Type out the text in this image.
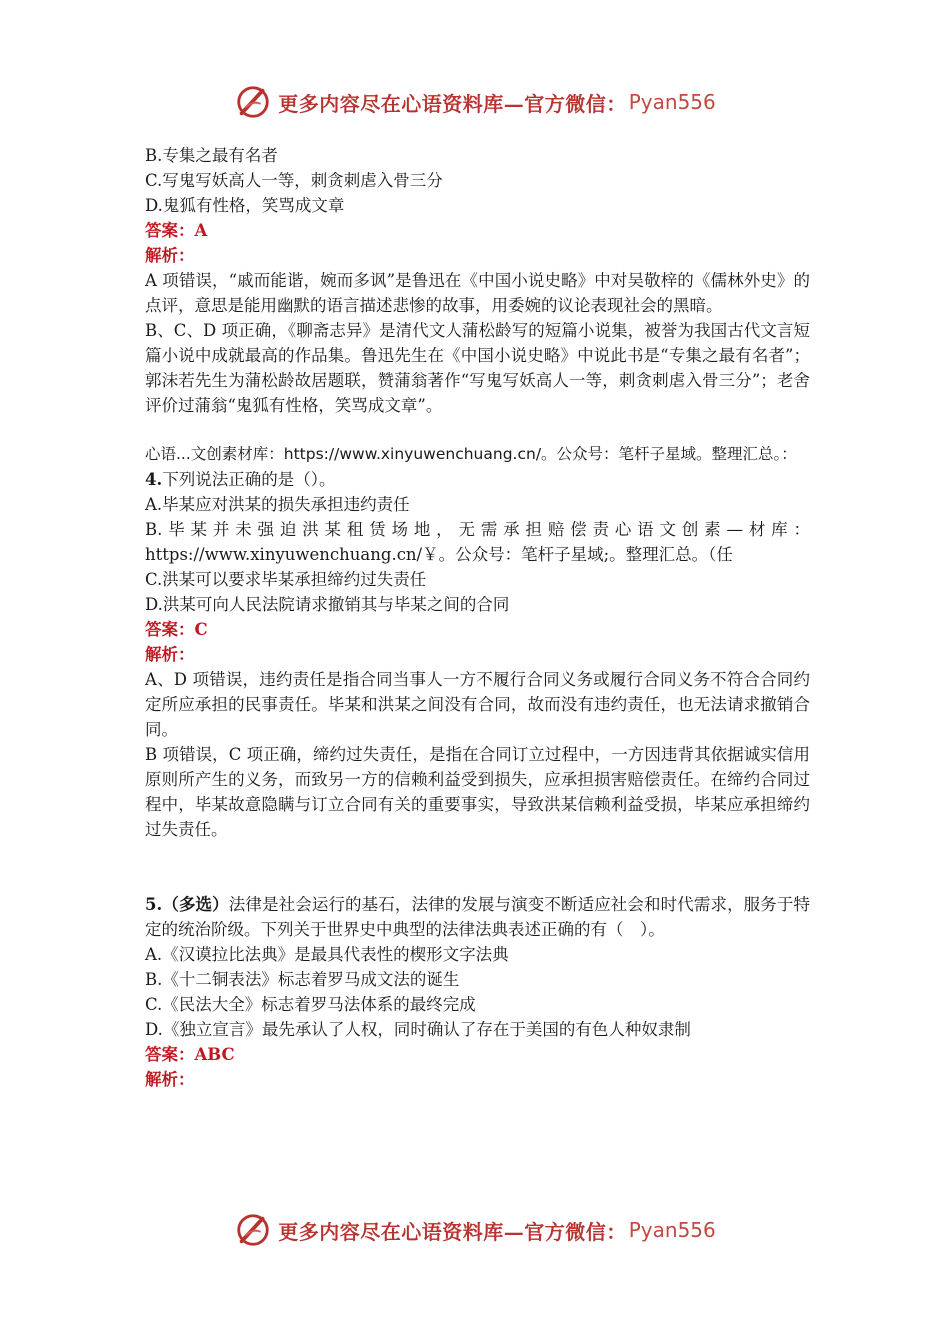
更多内容尽在心语资料库—官方微信： Pyan556
B.专集之最有名者
C.写鬼写妖高人一等，刺贪刺虐入骨三分
D.鬼狐有性格，笑骂成文章
答案：A
解析：
A 项错误，“戚而能谐，婉而多讽”是鲁迅在《中国小说史略》中对吴敬梓的《儒林外史》的点评，意思是能用幽默的语言描述悲惨的故事，用委婉的议论表现社会的黑暗。
B、C、D 项正确，《聊斋志异》是清代文人蒲松龄写的短篇小说集，被誉为我国古代文言短篇小说中成就最高的作品集。鲁迅先生在《中国小说史略》中说此书是“专集之最有名者”；郭沫若先生为蒲松龄故居题联，赞蒲翁著作“写鬼写妖高人一等，刺贪刺虐入骨三分”；老舍评价过蒲翁“鬼狐有性格，笑骂成文章”。
心语...文创素材库：https://www.xinyuwenchuang.cn/。公众号：笔杆子星域。整理汇总。：
4.下列说法正确的是（）。
A.毕某应对洪某的损失承担违约责任
B.毕某并未强迫洪某租赁场地，无需承担赔偿责心语文创素—材库：https://www.xinyuwenchuang.cn/￥。公众号：笔杆子星域;。整理汇总。（任
C.洪某可以要求毕某承担缔约过失责任
D.洪某可向人民法院请求撤销其与毕某之间的合同
答案：C
解析：
A、D 项错误，违约责任是指合同当事人一方不履行合同义务或履行合同义务不符合合同约定所应承担的民事责任。毕某和洪某之间没有合同，故而没有违约责任，也无法请求撤销合同。
B 项错误，C 项正确，缔约过失责任，是指在合同订立过程中，一方因违背其依据诚实信用原则所产生的义务，而致另一方的信赖利益受到损失，应承担损害赔偿责任。在缔约合同过程中，毕某故意隐瞒与订立合同有关的重要事实，导致洪某信赖利益受损，毕某应承担缔约过失责任。
5.（多选）法律是社会运行的基石，法律的发展与演变不断适应社会和时代需求，服务于特定的统治阶级。下列关于世界史中典型的法律法典表述正确的有（　）。
A.《汉谟拉比法典》是最具代表性的楔形文字法典
B.《十二铜表法》标志着罗马成文法的诞生
C.《民法大全》标志着罗马法体系的最终完成
D.《独立宣言》最先承认了人权，同时确认了存在于美国的有色人种奴隶制
答案：ABC
解析：
更多内容尽在心语资料库—官方微信： Pyan556
